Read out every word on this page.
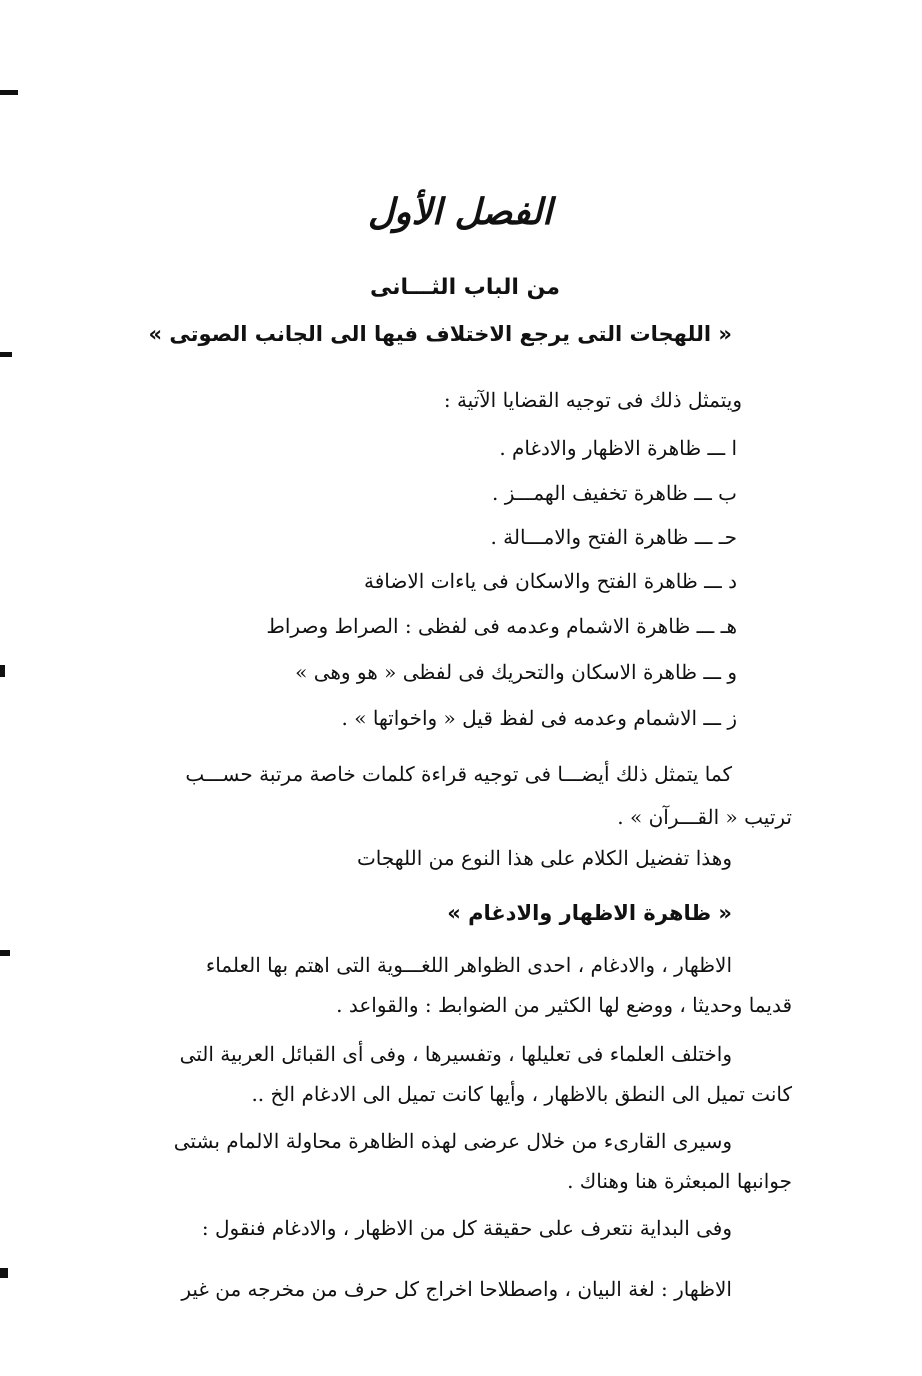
الفصل الأول
من الباب الثـــانى
« اللهجات التى يرجع الاختلاف فيها الى الجانب الصوتى »
ويتمثل ذلك فى توجيه القضايا الآتية :
ا ـــ ظاهرة الاظهار والادغام .
ب ـــ ظاهرة تخفيف الهمـــز .
حـ ـــ ظاهرة الفتح والامـــالة .
د ـــ ظاهرة الفتح والاسكان فى ياءات الاضافة
هـ ـــ ظاهرة الاشمام وعدمه فى لفظى : الصراط وصراط
و ـــ ظاهرة الاسكان والتحريك فى لفظى « هو وهى »
ز ـــ الاشمام وعدمه فى لفظ قيل « واخواتها » .
كما يتمثل ذلك أيضـــا فى توجيه قراءة كلمات خاصة مرتبة حســـب
ترتيب « القـــرآن » .
وهذا تفضيل الكلام على هذا النوع من اللهجات
« ظاهرة الاظهار والادغام »
الاظهار ، والادغام ، احدى الظواهر اللغـــوية التى اهتم بها العلماء
قديما وحديثا ، ووضع لها الكثير من الضوابط : والقواعد .
واختلف العلماء فى تعليلها ، وتفسيرها ، وفى أى القبائل العربية التى
كانت تميل الى النطق بالاظهار ، وأيها كانت تميل الى الادغام الخ ..
وسيرى القارىء من خلال عرضى لهذه الظاهرة محاولة الالمام بشتى
جوانبها المبعثرة هنا وهناك .
وفى البداية نتعرف على حقيقة كل من الاظهار ، والادغام فنقول :
الاظهار : لغة البيان ، واصطلاحا اخراج كل حرف من مخرجه من غير
